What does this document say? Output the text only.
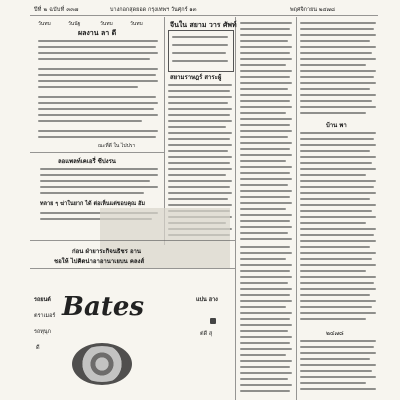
ปีที่ ๒ ฉบับที่ ๓๓๗	บางกอกสุดยอด กรุงเทพฯ วันศุกร์ ๑๓	พฤศจิกายน ๒๔๗๘
วันทบ	วันนัฐ	วันทบ	วันทบ
ผลงาน ลา ดี
ณะที่ดี ใน ไปปรา
จีนใน สยาม วาร ศัพท์
สยามราษฎร์ สาระผู้
ลอแพลท์เคเอรี่ ซีปงรน
ทลาย ๆ ฆ่าในยาก ได้ ต่อเห็นแต่ขอบคุณ ฮัม
ก่อน ฝ่ายาระกิจนธิชร อาน
ชอให้ ไปคิดน่าอาอานาเยบน คลงส์
Bates
รถยนต์
ตราเมอร์
รถทุนุก
ดี
แปน ฮาง
ต่ดี สุ
บ้าน พา
๒๔๗๘
